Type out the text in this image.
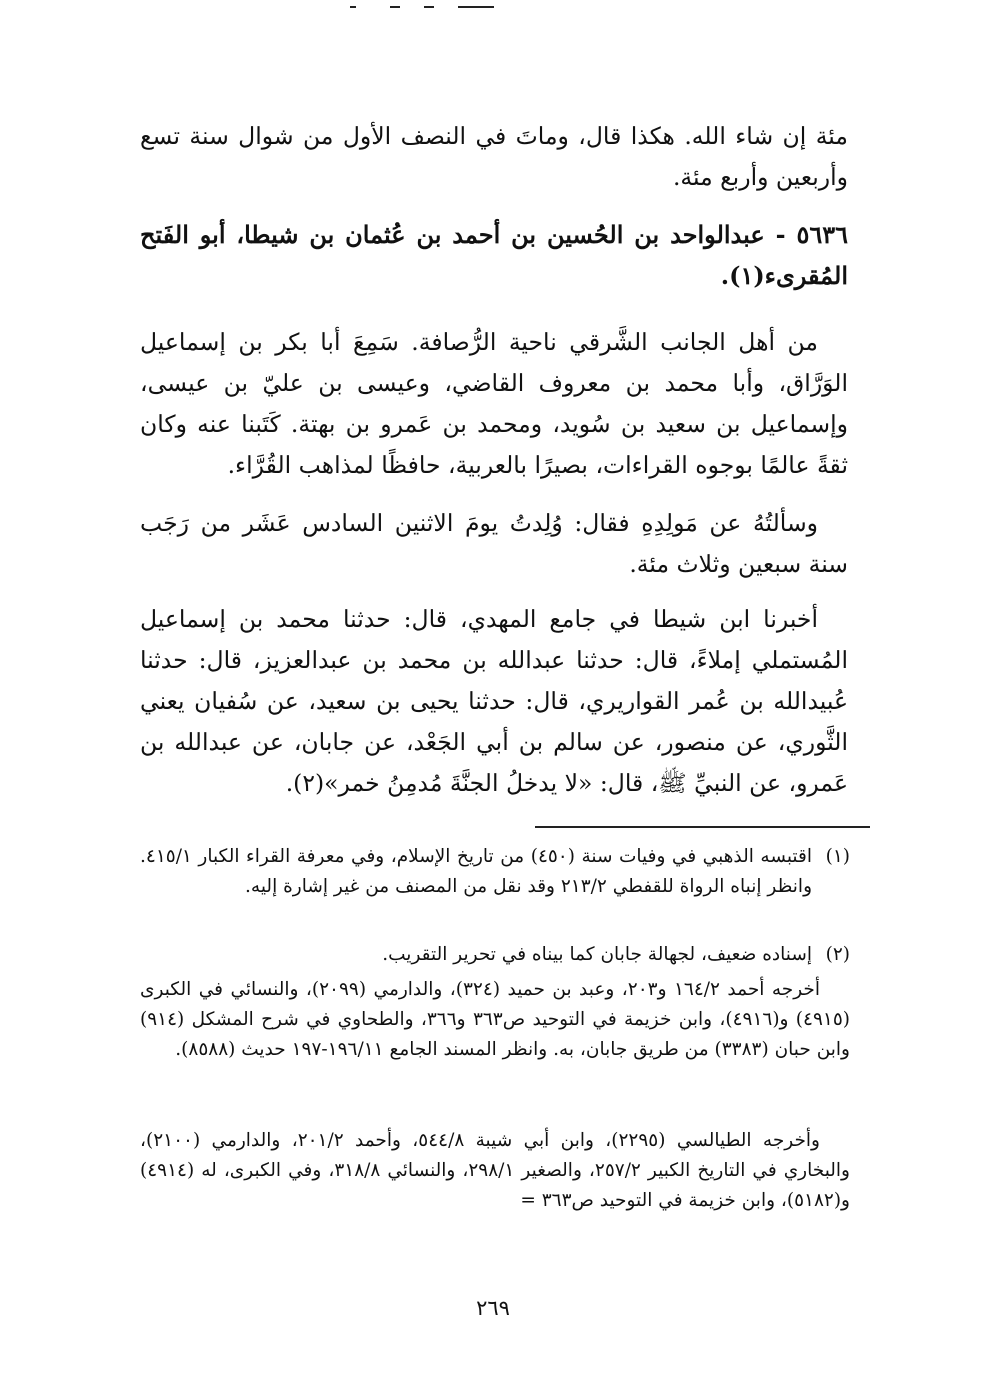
مئة إن شاء الله. هكذا قال، وماتَ في النصف الأول من شوال سنة تسع وأربعين وأربع مئة.

٥٦٣٦ - عبدالواحد بن الحُسين بن أحمد بن عُثمان بن شيطا، أبو الفَتح المُقرىء(١).

من أهل الجانب الشَّرقي ناحية الرُّصافة. سَمِعَ أبا بكر بن إسماعيل الوَرَّاق، وأبا محمد بن معروف القاضي، وعيسى بن عليّ بن عيسى، وإسماعيل بن سعيد بن سُويد، ومحمد بن عَمرو بن بهتة. كَتَبنا عنه وكان ثقةً عالمًا بوجوه القراءات، بصيرًا بالعربية، حافظًا لمذاهب القُرَّاء.

وسألتُهُ عن مَولِدِهِ فقال: وُلِدتُ يومَ الاثنين السادس عَشَر من رَجَب سنة سبعين وثلاث مئة.

أخبرنا ابن شيطا في جامع المهدي، قال: حدثنا محمد بن إسماعيل المُستملي إملاءً، قال: حدثنا عبدالله بن محمد بن عبدالعزيز، قال: حدثنا عُبيدالله بن عُمر القواريري، قال: حدثنا يحيى بن سعيد، عن سُفيان يعني الثَّوري، عن منصور، عن سالم بن أبي الجَعْد، عن جابان، عن عبدالله بن عَمرو، عن النبيِّ ﷺ، قال: «لا يدخلُ الجنَّةَ مُدمِنُ خمر»(٢).

(١)
اقتبسه الذهبي في وفيات سنة (٤٥٠) من تاريخ الإسلام، وفي معرفة القراء الكبار ٤١٥/١. وانظر إنباه الرواة للقفطي ٢١٣/٢ وقد نقل من المصنف من غير إشارة إليه.
(٢)
إسناده ضعيف، لجهالة جابان كما بيناه في تحرير التقريب.

أخرجه أحمد ١٦٤/٢ و٢٠٣، وعبد بن حميد (٣٢٤)، والدارمي (٢٠٩٩)، والنسائي في الكبرى (٤٩١٥) و(٤٩١٦)، وابن خزيمة في التوحيد ص٣٦٣ و٣٦٦، والطحاوي في شرح المشكل (٩١٤) وابن حبان (٣٣٨٣) من طريق جابان، به. وانظر المسند الجامع ١٩٦/١١-١٩٧ حديث (٨٥٨٨).

وأخرجه الطيالسي (٢٢٩٥)، وابن أبي شيبة ٥٤٤/٨، وأحمد ٢٠١/٢، والدارمي (٢١٠٠)، والبخاري في التاريخ الكبير ٢٥٧/٢، والصغير ٢٩٨/١، والنسائي ٣١٨/٨، وفي الكبرى، له (٤٩١٤) و(٥١٨٢)، وابن خزيمة في التوحيد ص٣٦٣ =

٢٦٩
